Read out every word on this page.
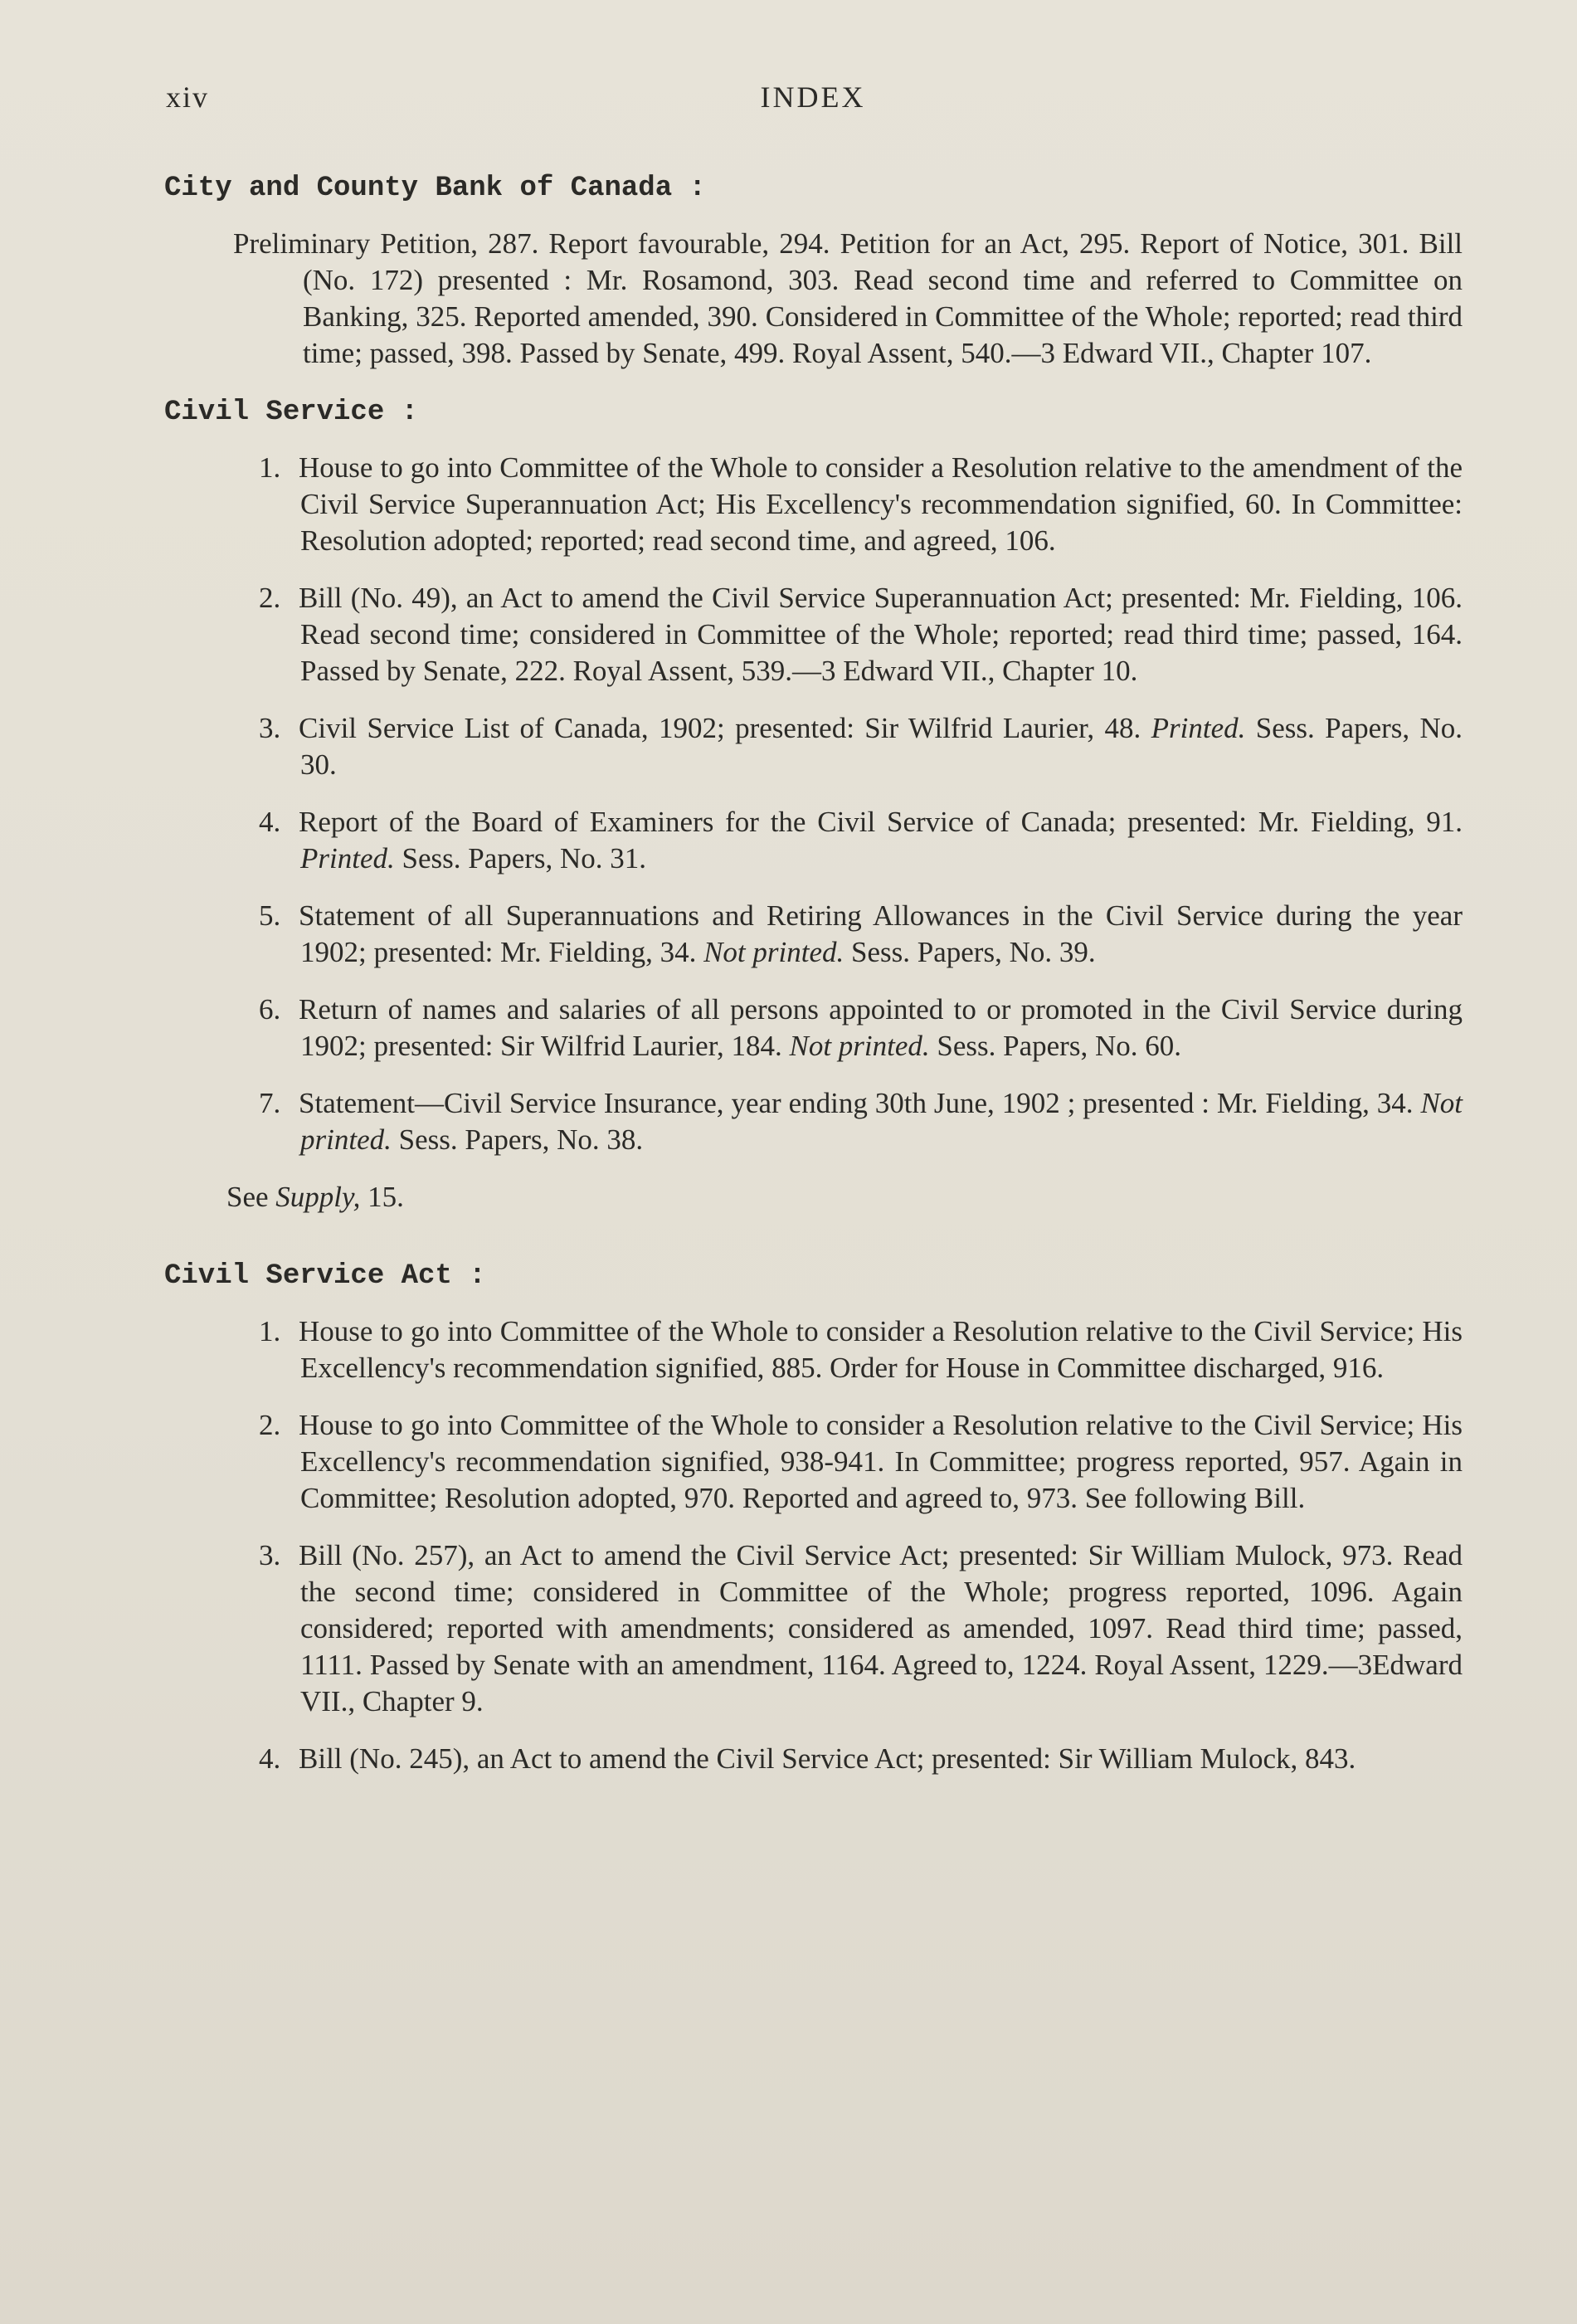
xiv	INDEX
City and County Bank of Canada :
Preliminary Petition, 287. Report favourable, 294. Petition for an Act, 295. Report of Notice, 301. Bill (No. 172) presented : Mr. Rosamond, 303. Read second time and referred to Committee on Banking, 325. Reported amended, 390. Considered in Committee of the Whole; reported; read third time; passed, 398. Passed by Senate, 499. Royal Assent, 540.—3 Edward VII., Chapter 107.
Civil Service :
1. House to go into Committee of the Whole to consider a Resolution relative to the amendment of the Civil Service Superannuation Act; His Excellency's recommendation signified, 60. In Committee: Resolution adopted; reported; read second time, and agreed, 106.
2. Bill (No. 49), an Act to amend the Civil Service Superannuation Act; presented: Mr. Fielding, 106. Read second time; considered in Committee of the Whole; reported; read third time; passed, 164. Passed by Senate, 222. Royal Assent, 539.—3 Edward VII., Chapter 10.
3. Civil Service List of Canada, 1902; presented: Sir Wilfrid Laurier, 48. Printed. Sess. Papers, No. 30.
4. Report of the Board of Examiners for the Civil Service of Canada; presented: Mr. Fielding, 91. Printed. Sess. Papers, No. 31.
5. Statement of all Superannuations and Retiring Allowances in the Civil Service during the year 1902; presented: Mr. Fielding, 34. Not printed. Sess. Papers, No. 39.
6. Return of names and salaries of all persons appointed to or promoted in the Civil Service during 1902; presented: Sir Wilfrid Laurier, 184. Not printed. Sess. Papers, No. 60.
7. Statement—Civil Service Insurance, year ending 30th June, 1902 ; presented : Mr. Fielding, 34. Not printed. Sess. Papers, No. 38.
See Supply, 15.
Civil Service Act :
1. House to go into Committee of the Whole to consider a Resolution relative to the Civil Service; His Excellency's recommendation signified, 885. Order for House in Committee discharged, 916.
2. House to go into Committee of the Whole to consider a Resolution relative to the Civil Service; His Excellency's recommendation signified, 938-941. In Committee; progress reported, 957. Again in Committee; Resolution adopted, 970. Reported and agreed to, 973. See following Bill.
3. Bill (No. 257), an Act to amend the Civil Service Act; presented: Sir William Mulock, 973. Read the second time; considered in Committee of the Whole; progress reported, 1096. Again considered; reported with amendments; considered as amended, 1097. Read third time; passed, 1111. Passed by Senate with an amendment, 1164. Agreed to, 1224. Royal Assent, 1229.—3Edward VII., Chapter 9.
4. Bill (No. 245), an Act to amend the Civil Service Act; presented: Sir William Mulock, 843.
